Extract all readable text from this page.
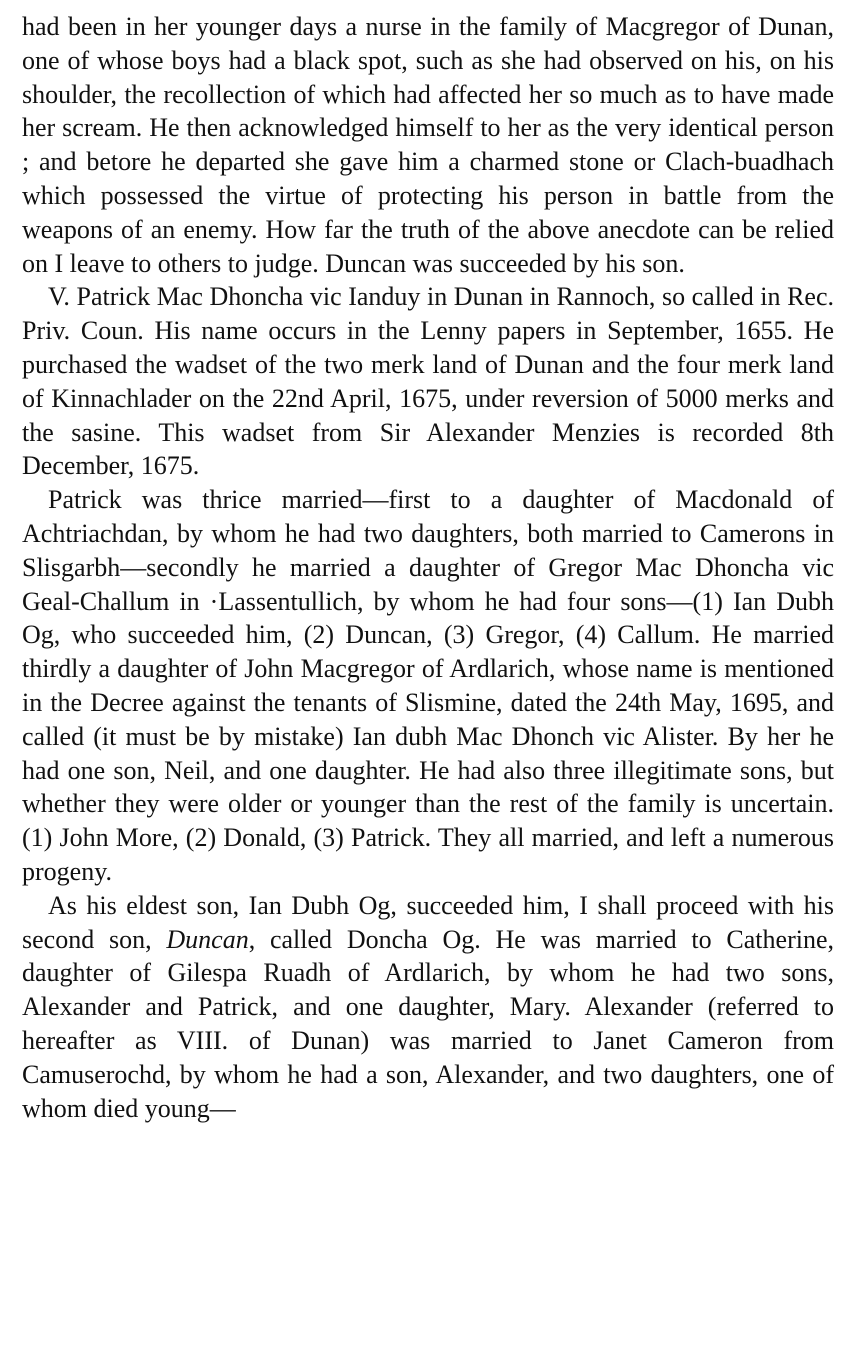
had been in her younger days a nurse in the family of Macgregor of Dunan, one of whose boys had a black spot, such as she had observed on his, on his shoulder, the recollection of which had affected her so much as to have made her scream. He then acknowledged himself to her as the very identical person ; and betore he departed she gave him a charmed stone or Clach-buadhach which possessed the virtue of protecting his person in battle from the weapons of an enemy. How far the truth of the above anecdote can be relied on I leave to others to judge. Duncan was succeeded by his son.

V. Patrick Mac Dhoncha vic Ianduy in Dunan in Rannoch, so called in Rec. Priv. Coun. His name occurs in the Lenny papers in September, 1655. He purchased the wadset of the two merk land of Dunan and the four merk land of Kinnachlader on the 22nd April, 1675, under reversion of 5000 merks and the sasine. This wadset from Sir Alexander Menzies is recorded 8th December, 1675.

Patrick was thrice married—first to a daughter of Macdonald of Achtriachdan, by whom he had two daughters, both married to Camerons in Slisgarbh—secondly he married a daughter of Gregor Mac Dhoncha vic Geal-Challum in ·Lassentullich, by whom he had four sons—(1) Ian Dubh Og, who succeeded him, (2) Duncan, (3) Gregor, (4) Callum. He married thirdly a daughter of John Macgregor of Ardlarich, whose name is mentioned in the Decree against the tenants of Slismine, dated the 24th May, 1695, and called (it must be by mistake) Ian dubh Mac Dhonch vic Alister. By her he had one son, Neil, and one daughter. He had also three illegitimate sons, but whether they were older or younger than the rest of the family is uncertain. (1) John More, (2) Donald, (3) Patrick. They all married, and left a numerous progeny.

As his eldest son, Ian Dubh Og, succeeded him, I shall proceed with his second son, Duncan, called Doncha Og. He was married to Catherine, daughter of Gilespa Ruadh of Ardlarich, by whom he had two sons, Alexander and Patrick, and one daughter, Mary. Alexander (referred to hereafter as VIII. of Dunan) was married to Janet Cameron from Camuserochd, by whom he had a son, Alexander, and two daughters, one of whom died young—
